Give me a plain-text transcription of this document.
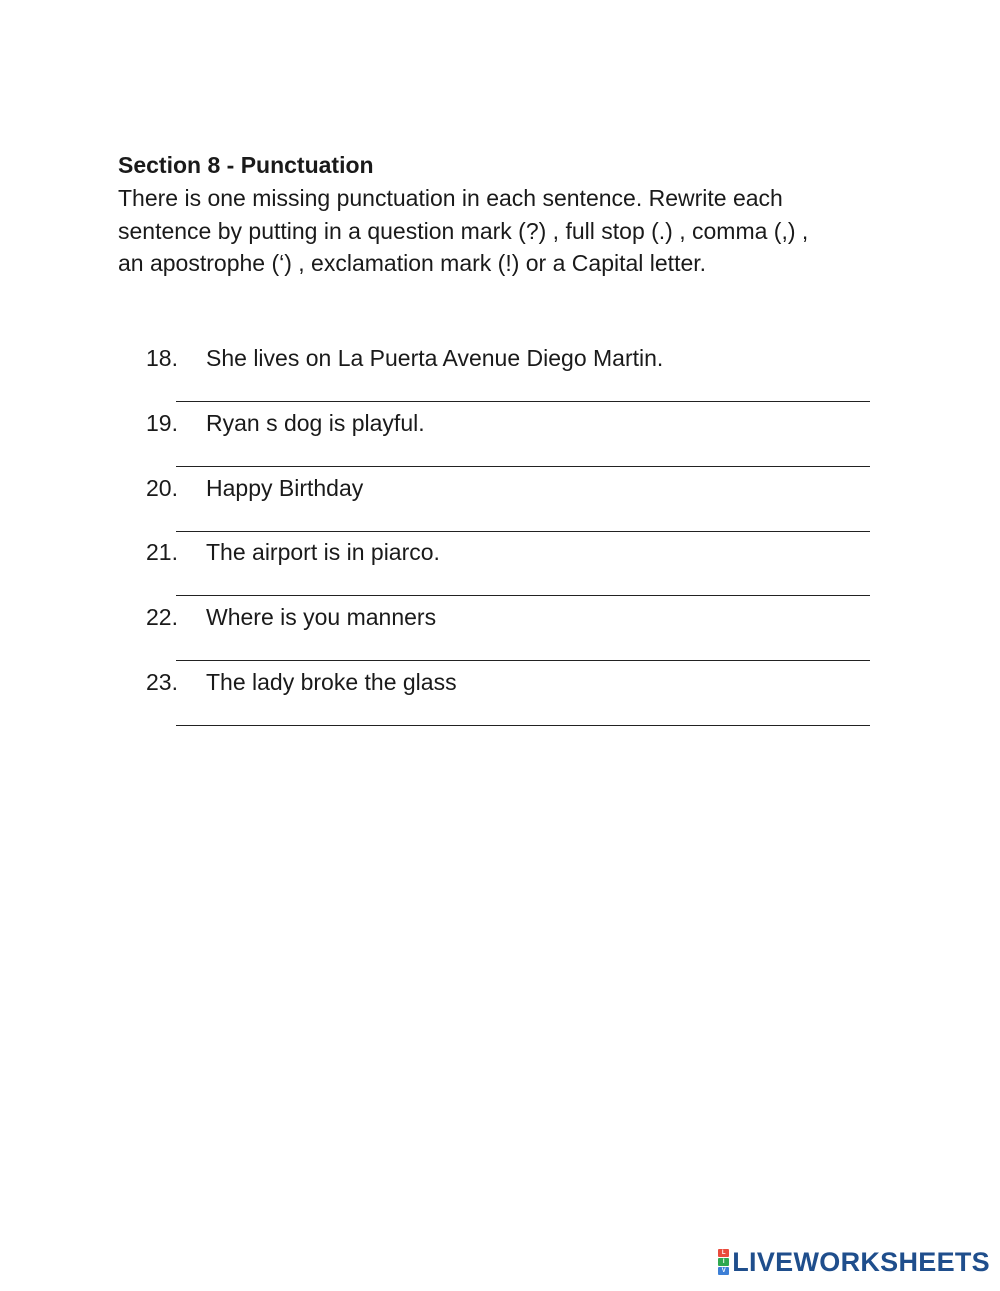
Section 8 - Punctuation

There is one missing punctuation in each sentence. Rewrite each
sentence by putting in a question mark (?) , full stop (.) , comma (,) ,
an apostrophe (‘) , exclamation mark (!) or a Capital letter.

18. She lives on La Puerta Avenue Diego Martin.
19. Ryan s dog is playful.
20. Happy Birthday
21. The airport is in piarco.
22. Where is you manners
23. The lady broke the glass
L
I
V LIVEWORKSHEETS
